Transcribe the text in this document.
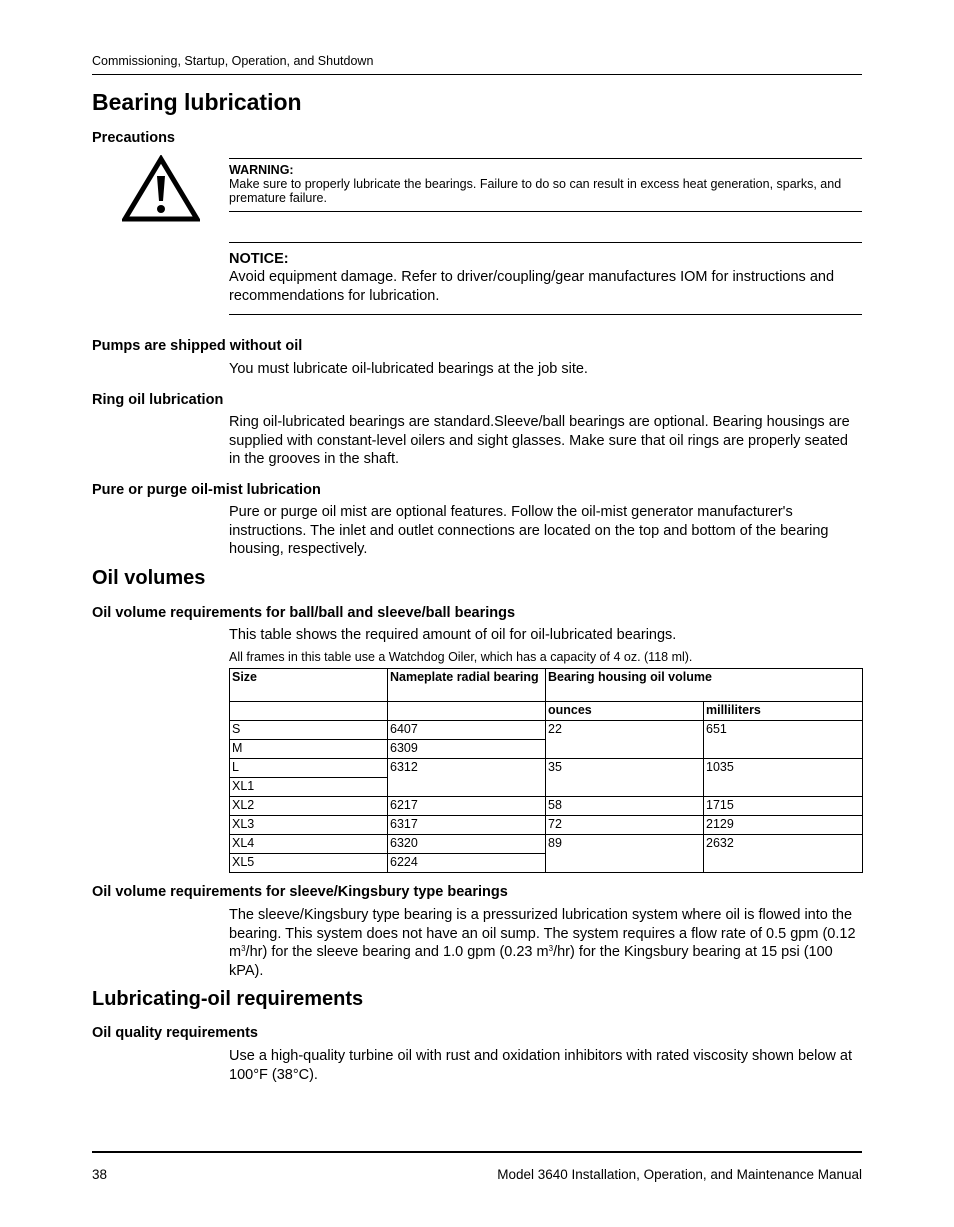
Commissioning, Startup, Operation, and Shutdown
Bearing lubrication
Precautions
WARNING:
Make sure to properly lubricate the bearings. Failure to do so can result in excess heat generation, sparks, and premature failure.
NOTICE:
Avoid equipment damage. Refer to driver/coupling/gear manufactures IOM for instructions and recommendations for lubrication.
Pumps are shipped without oil
You must lubricate oil-lubricated bearings at the job site.
Ring oil lubrication
Ring oil-lubricated bearings are standard.Sleeve/ball bearings are optional. Bearing housings are supplied with constant-level oilers and sight glasses. Make sure that oil rings are properly seated in the grooves in the shaft.
Pure or purge oil-mist lubrication
Pure or purge oil mist are optional features. Follow the oil-mist generator manufacturer's instructions. The inlet and outlet connections are located on the top and bottom of the bearing housing, respectively.
Oil volumes
Oil volume requirements for ball/ball and sleeve/ball bearings
This table shows the required amount of oil for oil-lubricated bearings.
All frames in this table use a Watchdog Oiler, which has a capacity of 4 oz. (118 ml).
Size	Nameplate radial bearing	Bearing housing oil volume	
		ounces	milliliters
S	6407	22	651
M	6309		
L	6312	35	1035
XL1			
XL2	6217	58	1715
XL3	6317	72	2129
XL4	6320	89	2632
XL5	6224		
Oil volume requirements for sleeve/Kingsbury type bearings
The sleeve/Kingsbury type bearing is a pressurized lubrication system where oil is flowed into the bearing. This system does not have an oil sump. The system requires a flow rate of 0.5 gpm (0.12 $m^3/hr$) for the sleeve bearing and 1.0 gpm (0.23 $m^3/hr$) for the Kingsbury bearing at 15 psi (100 kPA).
Lubricating-oil requirements
Oil quality requirements
Use a high-quality turbine oil with rust and oxidation inhibitors with rated viscosity shown below at 100°F (38°C).
38	Model 3640 Installation, Operation, and Maintenance Manual
